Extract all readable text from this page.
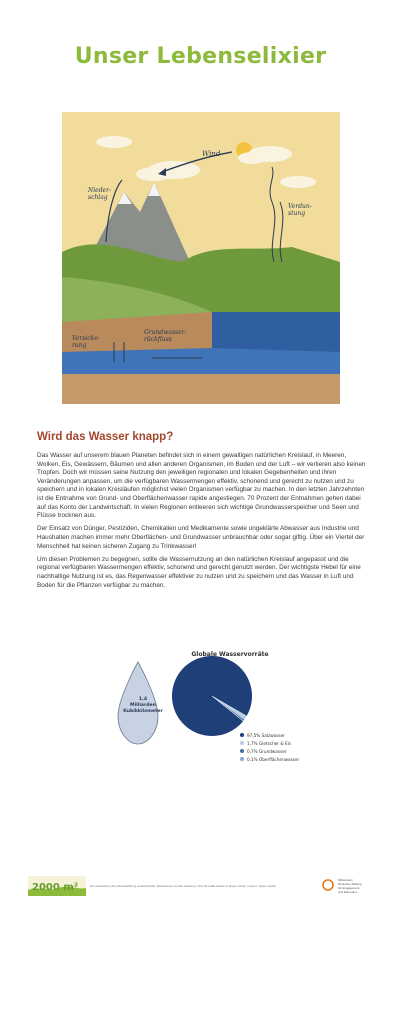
Unser Lebenselixier
Wind
Nieder-schlag
Verdun-stung
Versicke-rung
Grundwasser-rückfluss
Wird das Wasser knapp?

Das Wasser auf unserem blauen Planeten befindet sich in einem gewaltigen natürlichen Kreislauf, in Meeren, Wolken, Eis, Gewässern, Bäumen und allen anderen Organismen, im Boden und der Luft – wir verlieren also keinen Tropfen. Doch wir müssen seine Nutzung den jeweiligen regionalen und lokalen Gegebenheiten und ihren Veränderungen anpassen, um die verfügbaren Wassermengen effektiv, schonend und gerecht zu nutzen und zu speichern und in lokalen Kreisläufen möglichst vielen Organismen verfügbar zu machen. In den letzten Jahrzehnten ist die Entnahme von Grund- und Oberflächenwasser rapide angestiegen. 70 Prozent der Entnahmen gehen dabei auf das Konto der Landwirtschaft. In vielen Regionen entleeren sich wichtige Grundwasserspeicher und Seen und Flüsse trocknen aus.

Der Einsatz von Dünger, Pestiziden, Chemikalien und Medikamente sowie ungeklärte Abwasser aus Industrie und Haushalten machen immer mehr Oberflächen- und Grundwasser unbrauchbar oder sogar giftig. Über ein Viertel der Menschheit hat keinen sicheren Zugang zu Trinkwasser!

Um diesen Problemen zu begegnen, sollte die Wassernutzung an den natürlichen Kreislauf angepasst und die regional verfügbaren Wassermengen effektiv, schonend und gerecht genutzt werden. Der wichtigste Hebel für eine nachhaltige Nutzung ist es, das Regenwasser effektiver zu nutzen und zu speichern und das Wasser in Luft und Boden für die Pflanzen verfügbar zu machen.

Globale Wasservorräte
1,4
Milliarden
Kubikkilometer
97,5% Salzwasser
1,7% Gletscher & Eis
0,7% Grundwasser
0,1% Oberflächenwasser
2000 m²	Eine Ausstellung der Zukunftsstiftung Landwirtschaft | Illustrationen: Annika Huskamp | Text: Benedikt Haerlin & Jasper Jordan | Layout: Jasper Jordan
Mitbereiten
Deutsche Stiftung
für Engagement
und Ehrenamt
